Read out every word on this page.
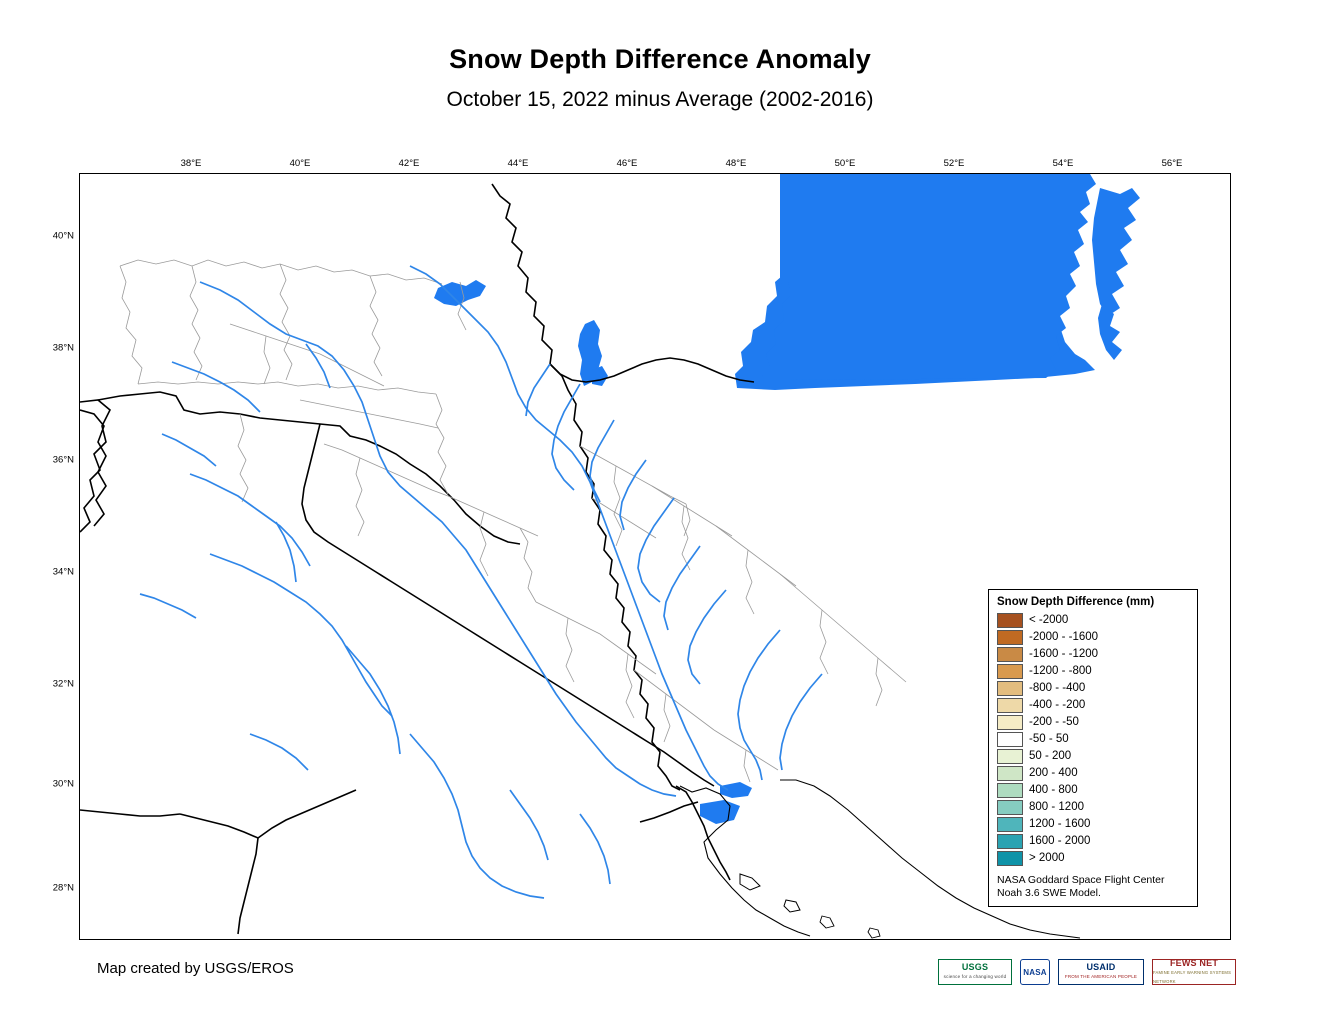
Snow Depth Difference Anomaly
October 15, 2022 minus Average (2002-2016)
38°E	40°E	42°E	44°E	46°E	48°E	50°E	52°E	54°E	56°E
40°N
38°N
36°N
34°N
32°N
30°N
28°N
Snow Depth Difference (mm)
< -2000
-2000 - -1600
-1600 - -1200
-1200 - -800
-800 - -400
-400 - -200
-200 - -50
-50 - 50
50 - 200
200 - 400
400 - 800
800 - 1200
1200 - 1600
1600 - 2000
> 2000
NASA Goddard Space Flight Center
Noah 3.6 SWE Model.
Map created by USGS/EROS	USGS
science for a changing world NASA	USAID
FROM THE AMERICAN PEOPLE
FEWS NET
FAMINE EARLY WARNING SYSTEMS NETWORK
